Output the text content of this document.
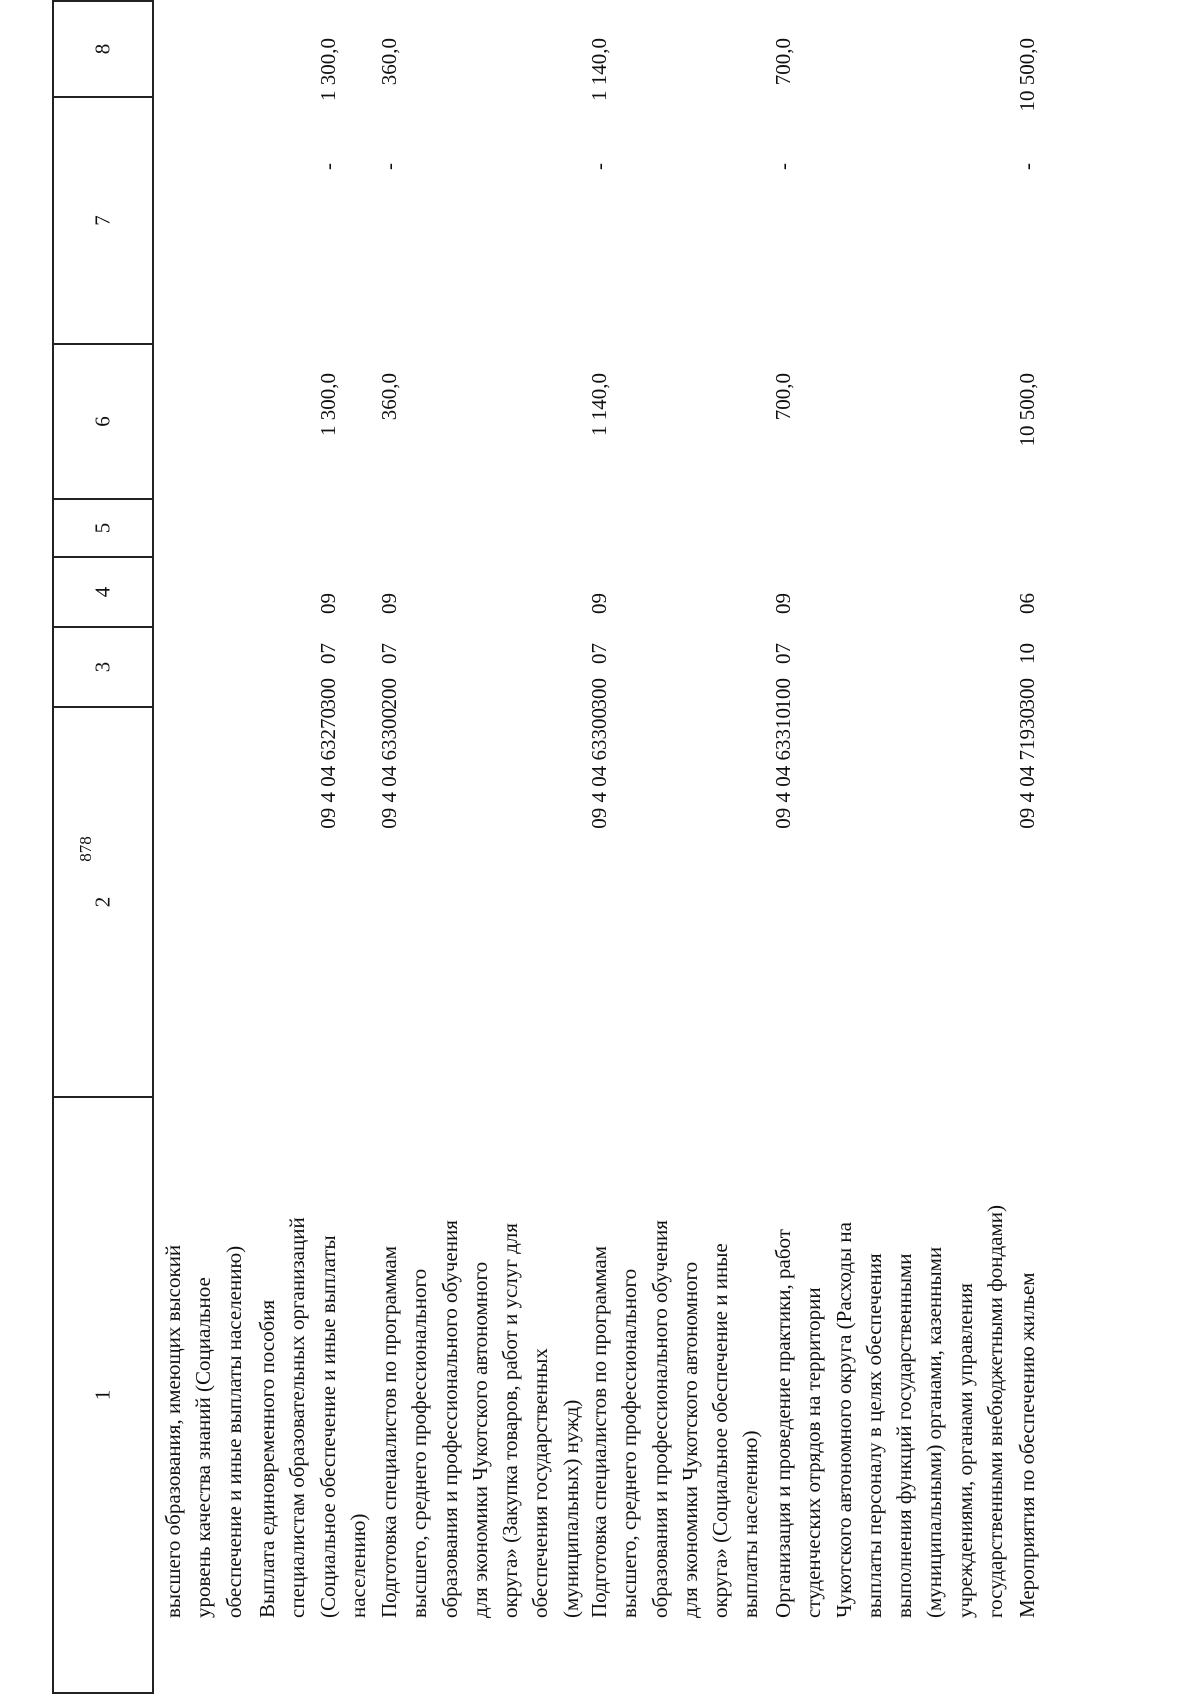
878
1
2
3
4
5
6
7
8
высшего образования, имеющих высокий уровень качества знаний (Социальное обеспечение и иные выплаты населению) Выплата единовременного пособия специалистам образовательных организаций (Социальное обеспечение и иные выплаты населению)
09 4 04 63270
300
07
09
1 300,0
-
1 300,0
Подготовка специалистов по программам высшего, среднего профессионального образования и профессионального обучения для экономики Чукотского автономного округа» (Закупка товаров, работ и услуг для обеспечения государственных (муниципальных) нужд)
09 4 04 63300
200
07
09
360,0
-
360,0
Подготовка специалистов по программам высшего, среднего профессионального образования и профессионального обучения для экономики Чукотского автономного округа» (Социальное обеспечение и иные выплаты населению)
09 4 04 63300
300
07
09
1 140,0
-
1 140,0
Организация и проведение практики, работ студенческих отрядов на территории Чукотского автономного округа (Расходы на выплаты персоналу в целях обеспечения выполнения функций государственными (муниципальными) органами, казенными учреждениями, органами управления государственными внебюджетными фондами)
09 4 04 63310
100
07
09
700,0
-
700,0
Мероприятия по обеспечению жильем
09 4 04 71930
300
10
06
10 500,0
-
10 500,0
